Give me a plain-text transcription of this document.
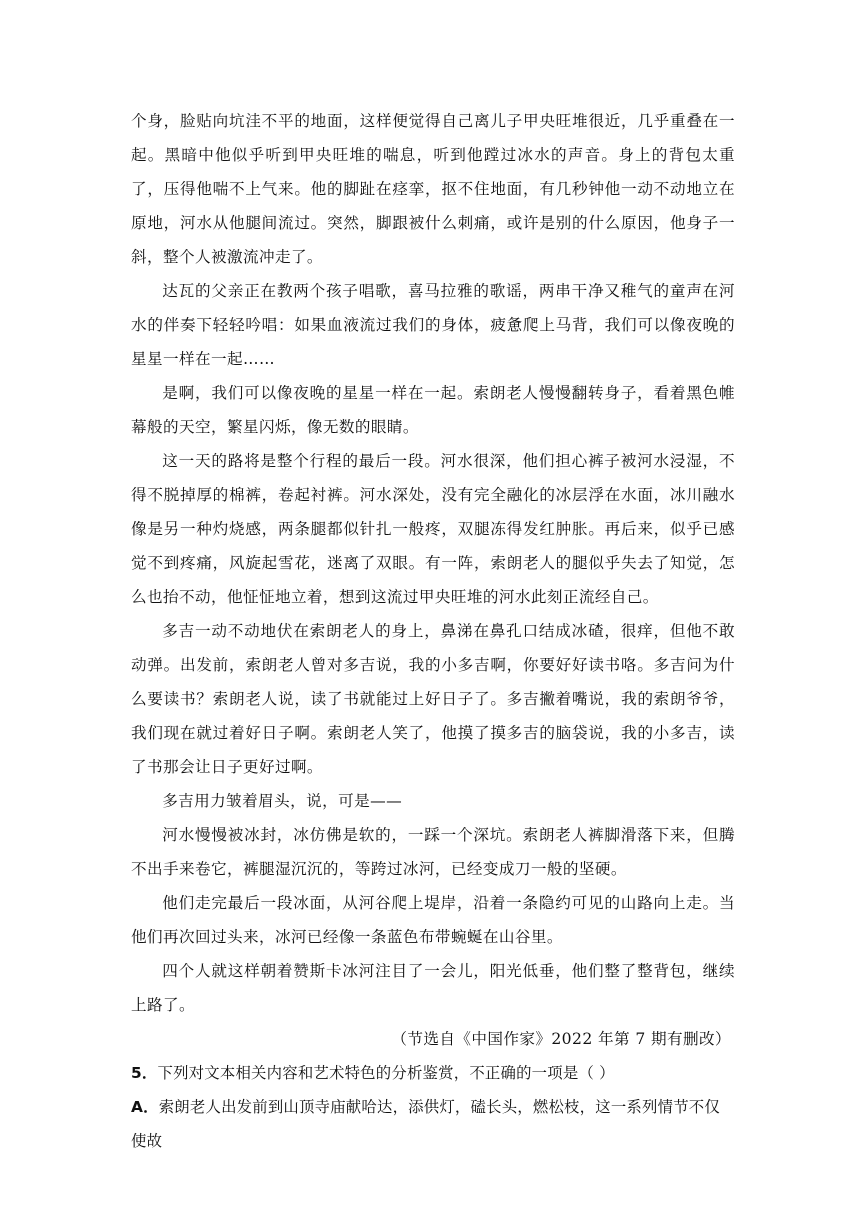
个身，脸贴向坑洼不平的地面，这样便觉得自己离儿子甲央旺堆很近，几乎重叠在一起。黑暗中他似乎听到甲央旺堆的喘息，听到他蹚过冰水的声音。身上的背包太重了，压得他喘不上气来。他的脚趾在痉挛，抠不住地面，有几秒钟他一动不动地立在原地，河水从他腿间流过。突然，脚跟被什么刺痛，或许是别的什么原因，他身子一斜，整个人被激流冲走了。

达瓦的父亲正在教两个孩子唱歌，喜马拉雅的歌谣，两串干净又稚气的童声在河水的伴奏下轻轻吟唱：如果血液流过我们的身体，疲惫爬上马背，我们可以像夜晚的星星一样在一起……

是啊，我们可以像夜晚的星星一样在一起。索朗老人慢慢翻转身子，看着黑色帷幕般的天空，繁星闪烁，像无数的眼睛。

这一天的路将是整个行程的最后一段。河水很深，他们担心裤子被河水浸湿，不得不脱掉厚的棉裤，卷起衬裤。河水深处，没有完全融化的冰层浮在水面，冰川融水像是另一种灼烧感，两条腿都似针扎一般疼，双腿冻得发红肿胀。再后来，似乎已感觉不到疼痛，风旋起雪花，迷离了双眼。有一阵，索朗老人的腿似乎失去了知觉，怎么也抬不动，他怔怔地立着，想到这流过甲央旺堆的河水此刻正流经自己。

多吉一动不动地伏在索朗老人的身上，鼻涕在鼻孔口结成冰碴，很痒，但他不敢动弹。出发前，索朗老人曾对多吉说，我的小多吉啊，你要好好读书咯。多吉问为什么要读书？索朗老人说，读了书就能过上好日子了。多吉撇着嘴说，我的索朗爷爷，我们现在就过着好日子啊。索朗老人笑了，他摸了摸多吉的脑袋说，我的小多吉，读了书那会让日子更好过啊。

多吉用力皱着眉头，说，可是——

河水慢慢被冰封，冰仿佛是软的，一踩一个深坑。索朗老人裤脚滑落下来，但腾不出手来卷它，裤腿湿沉沉的，等跨过冰河，已经变成刀一般的坚硬。

他们走完最后一段冰面，从河谷爬上堤岸，沿着一条隐约可见的山路向上走。当他们再次回过头来，冰河已经像一条蓝色布带蜿蜒在山谷里。

四个人就这样朝着赞斯卡冰河注目了一会儿，阳光低垂，他们整了整背包，继续上路了。

（节选自《中国作家》2022 年第 7 期有删改）

5．下列对文本相关内容和艺术特色的分析鉴赏，不正确的一项是（ ）

A．索朗老人出发前到山顶寺庙献哈达，添供灯，磕长头，燃松枝，这一系列情节不仅使故
